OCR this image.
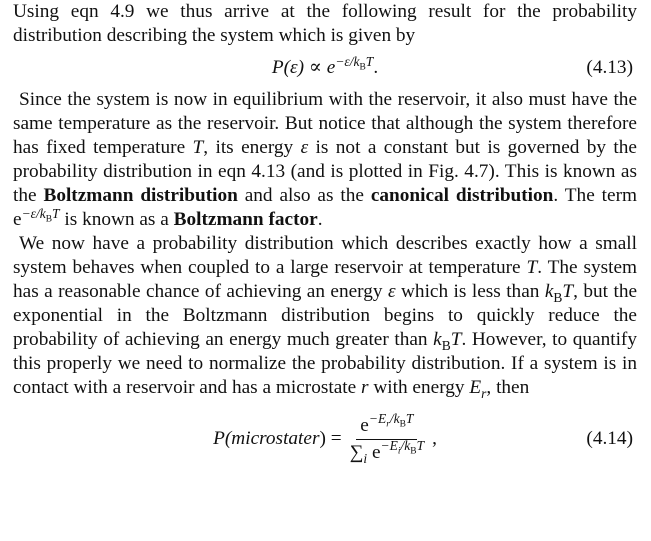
Using eqn 4.9 we thus arrive at the following result for the probability distribution describing the system which is given by

$P(\varepsilon) \propto e^{-\varepsilon/k_BT}$.	(4.13)

Since the system is now in equilibrium with the reservoir, it also must have the same temperature as the reservoir. But notice that although the system therefore has fixed temperature T, its energy ε is not a constant but is governed by the probability distribution in eqn 4.13 (and is plotted in Fig. 4.7). This is known as the Boltzmann distribution and also as the canonical distribution. The term $e^{-\varepsilon/k_BT}$ is known as a Boltzmann factor.

We now have a probability distribution which describes exactly how a small system behaves when coupled to a large reservoir at temperature T. The system has a reasonable chance of achieving an energy ε which is less than $k_BT$, but the exponential in the Boltzmann distribution begins to quickly reduce the probability of achieving an energy much greater than $k_BT$. However, to quantify this properly we need to normalize the probability distribution. If a system is in contact with a reservoir and has a microstate r with energy $E_r$, then

P(microstate r ) = $\frac{e^{-E_r/k_BT}}{\sum_i e^{-E_i/k_BT}}$ ,	(4.14)
